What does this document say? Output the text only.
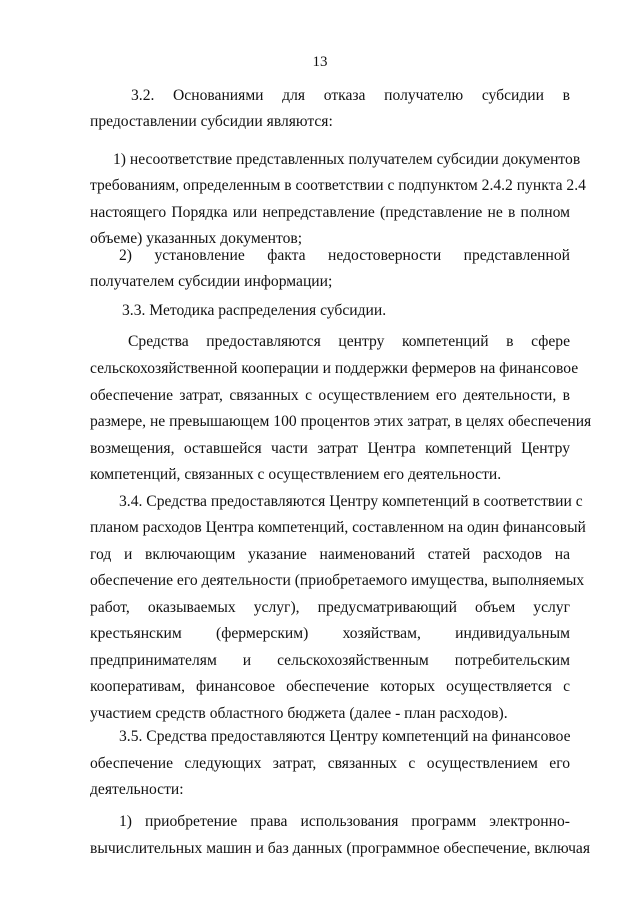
13
3.2. Основаниями для отказа получателю субсидии в
предоставлении субсидии являются:
1) несоответствие представленных получателем субсидии документов
требованиям, определенным в соответствии с подпунктом 2.4.2 пункта 2.4
настоящего Порядка или непредставление (представление не в полном
объеме) указанных документов;
2) установление факта недостоверности представленной
получателем субсидии информации;
3.3. Методика распределения субсидии.
Средства предоставляются центру компетенций в сфере
сельскохозяйственной кооперации и поддержки фермеров на финансовое
обеспечение затрат, связанных с осуществлением его деятельности, в
размере, не превышающем 100 процентов этих затрат, в целях обеспечения
возмещения, оставшейся части затрат Центра компетенций Центру
компетенций, связанных с осуществлением его деятельности.
3.4. Средства предоставляются Центру компетенций в соответствии с
планом расходов Центра компетенций, составленном на один финансовый
год и включающим указание наименований статей расходов на
обеспечение его деятельности (приобретаемого имущества, выполняемых
работ, оказываемых услуг), предусматривающий объем услуг
крестьянским (фермерским) хозяйствам, индивидуальным
предпринимателям и сельскохозяйственным потребительским
кооперативам, финансовое обеспечение которых осуществляется с
участием средств областного бюджета (далее - план расходов).
3.5. Средства предоставляются Центру компетенций на финансовое
обеспечение следующих затрат, связанных с осуществлением его
деятельности:
1) приобретение права использования программ электронно-
вычислительных машин и баз данных (программное обеспечение, включая
